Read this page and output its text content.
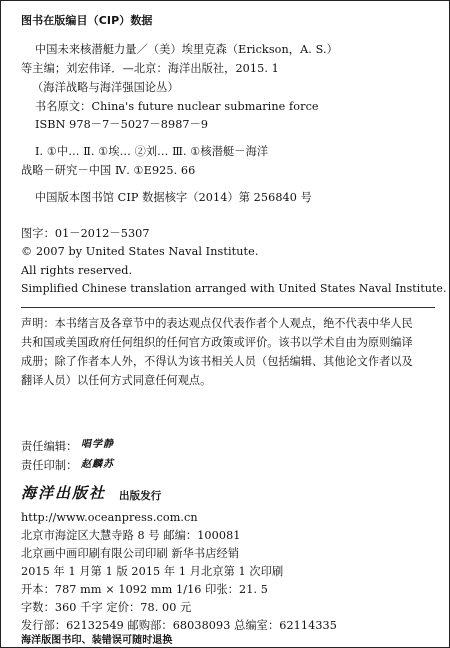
图书在版编目（CIP）数据
中国未来核潜艇力量／（美）埃里克森（Erickson，A. S.）
等主编；刘宏伟译．—北京：海洋出版社，2015. 1
（海洋战略与海洋强国论丛）
书名原文：China's future nuclear submarine force
ISBN 978－7－5027－8987－9
Ⅰ. ①中… Ⅱ. ①埃… ②刘… Ⅲ. ①核潜艇－海洋
战略－研究－中国 Ⅳ. ①E925. 66
中国版本图书馆 CIP 数据核字（2014）第 256840 号
图字：01－2012－5307
© 2007 by United States Naval Institute.
All rights reserved.
Simplified Chinese translation arranged with United States Naval Institute.
声明：本书绪言及各章节中的表达观点仅代表作者个人观点，绝不代表中华人民
共和国或美国政府任何组织的任何官方政策或评价。该书以学术自由为原则编译
成册；除了作者本人外，不得认为该书相关人员（包括编辑、其他论文作者以及
翻译人员）以任何方式同意任何观点。
责任编辑： 唱学静
责任印制： 赵麟苏
海洋出版社 出版发行
http://www.oceanpress.com.cn
北京市海淀区大慧寺路 8 号 邮编：100081
北京画中画印刷有限公司印刷 新华书店经销
2015 年 1 月第 1 版 2015 年 1 月北京第 1 次印刷
开本：787 mm × 1092 mm 1/16 印张：21. 5
字数：360 千字 定价：78. 00 元
发行部：62132549 邮购部：68038093 总编室：62114335
海洋版图书印、装错误可随时退换
